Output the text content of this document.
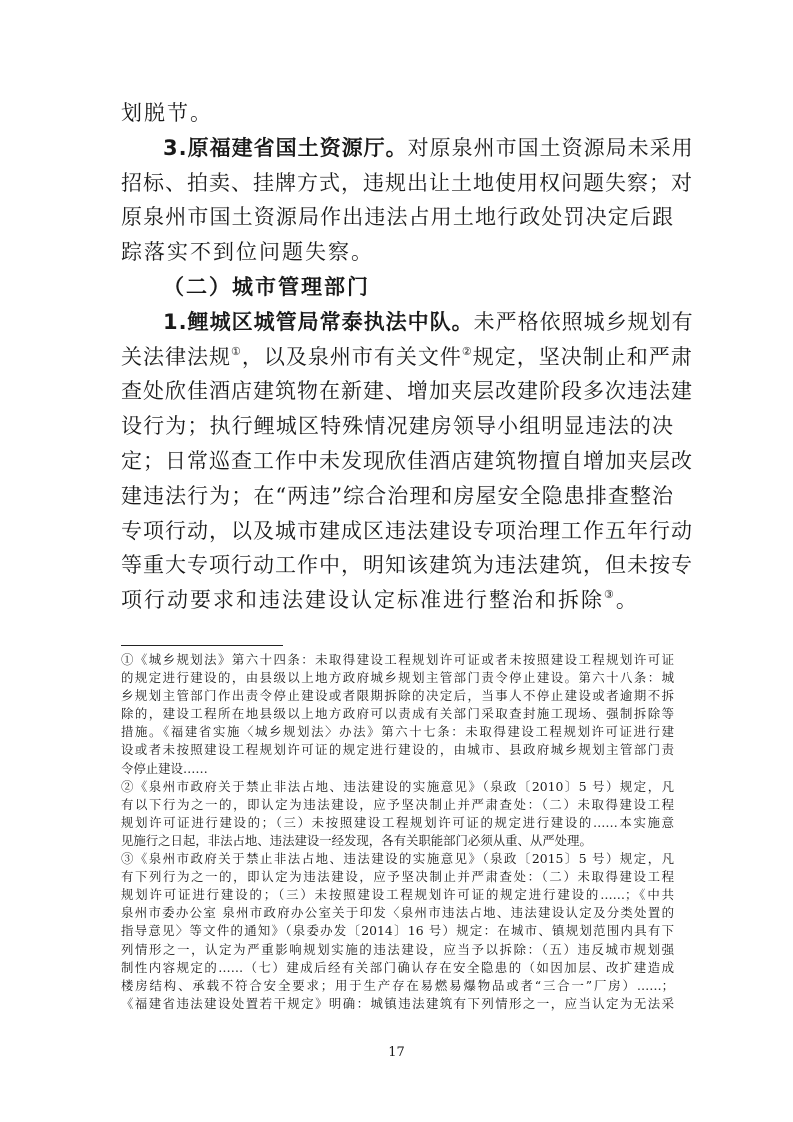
划脱节。
3.原福建省国土资源厅。对原泉州市国土资源局未采用
招标、拍卖、挂牌方式，违规出让土地使用权问题失察；对
原泉州市国土资源局作出违法占用土地行政处罚决定后跟
踪落实不到位问题失察。
（二）城市管理部门
1.鲤城区城管局常泰执法中队。未严格依照城乡规划有
关法律法规①，以及泉州市有关文件②规定，坚决制止和严肃
查处欣佳酒店建筑物在新建、增加夹层改建阶段多次违法建
设行为；执行鲤城区特殊情况建房领导小组明显违法的决
定；日常巡查工作中未发现欣佳酒店建筑物擅自增加夹层改
建违法行为；在“两违”综合治理和房屋安全隐患排查整治
专项行动，以及城市建成区违法建设专项治理工作五年行动
等重大专项行动工作中，明知该建筑为违法建筑，但未按专
项行动要求和违法建设认定标准进行整治和拆除③。
①《城乡规划法》第六十四条：未取得建设工程规划许可证或者未按照建设工程规划许可证
的规定进行建设的，由县级以上地方政府城乡规划主管部门责令停止建设。第六十八条：城
乡规划主管部门作出责令停止建设或者限期拆除的决定后，当事人不停止建设或者逾期不拆
除的，建设工程所在地县级以上地方政府可以责成有关部门采取查封施工现场、强制拆除等
措施。《福建省实施〈城乡规划法〉办法》第六十七条：未取得建设工程规划许可证进行建
设或者未按照建设工程规划许可证的规定进行建设的，由城市、县政府城乡规划主管部门责
令停止建设……
②《泉州市政府关于禁止非法占地、违法建设的实施意见》（泉政〔2010〕5 号）规定，凡
有以下行为之一的，即认定为违法建设，应予坚决制止并严肃查处：（二）未取得建设工程
规划许可证进行建设的；（三）未按照建设工程规划许可证的规定进行建设的……本实施意
见施行之日起，非法占地、违法建设一经发现，各有关职能部门必须从重、从严处理。
③《泉州市政府关于禁止非法占地、违法建设的实施意见》（泉政〔2015〕5 号）规定，凡
有下列行为之一的，即认定为违法建设，应予坚决制止并严肃查处：（二）未取得建设工程
规划许可证进行建设的；（三）未按照建设工程规划许可证的规定进行建设的……；《中共
泉州市委办公室 泉州市政府办公室关于印发〈泉州市违法占地、违法建设认定及分类处置的
指导意见〉等文件的通知》（泉委办发〔2014〕16 号）规定：在城市、镇规划范围内具有下
列情形之一，认定为严重影响规划实施的违法建设，应当予以拆除：（五）违反城市规划强
制性内容规定的……（七）建成后经有关部门确认存在安全隐患的（如因加层、改扩建造成
楼房结构、承载不符合安全要求；用于生产存在易燃易爆物品或者“三合一”厂房）……；
《福建省违法建设处置若干规定》明确：城镇违法建筑有下列情形之一，应当认定为无法采
17
